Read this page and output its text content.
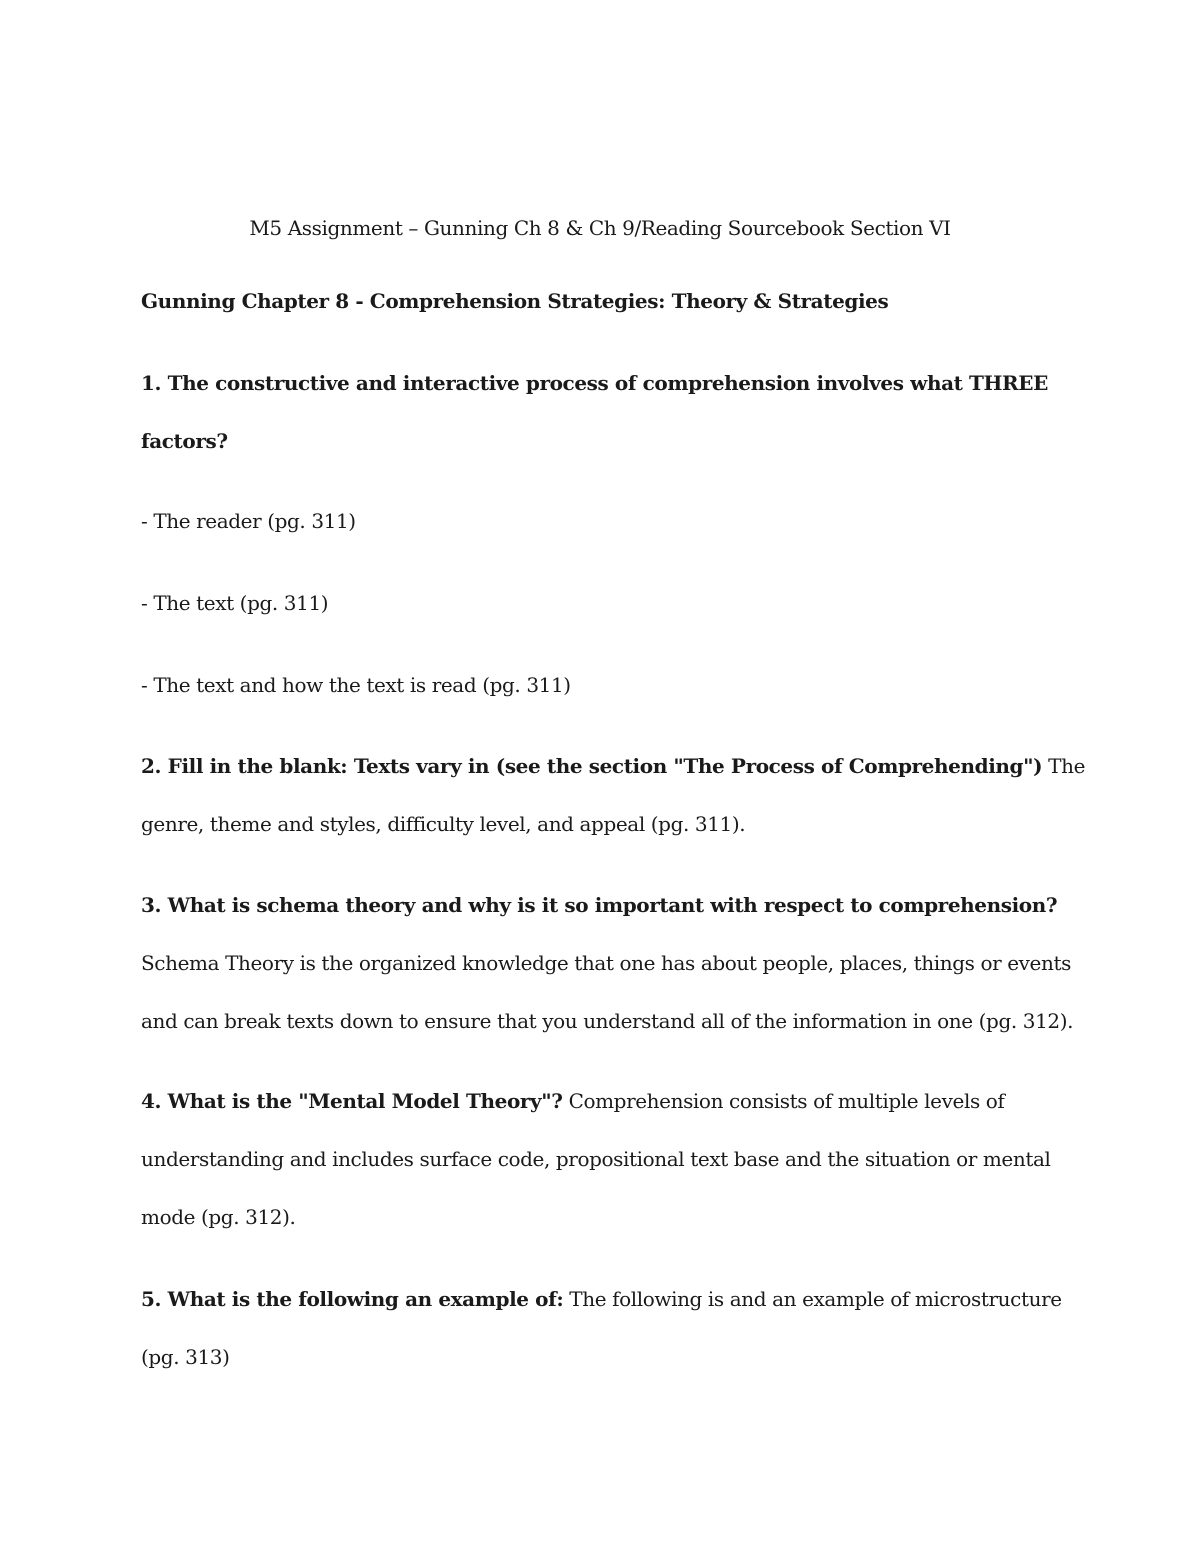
M5 Assignment – Gunning Ch 8 & Ch 9/Reading Sourcebook Section VI
Gunning Chapter 8 - Comprehension Strategies: Theory & Strategies
1. The constructive and interactive process of comprehension involves what THREE
factors?
- The reader (pg. 311)
- The text (pg. 311)
- The text and how the text is read (pg. 311)
2. Fill in the blank: Texts vary in (see the section "The Process of Comprehending") The
genre, theme and styles, difficulty level, and appeal (pg. 311).
3. What is schema theory and why is it so important with respect to comprehension?
Schema Theory is the organized knowledge that one has about people, places, things or events
and can break texts down to ensure that you understand all of the information in one (pg. 312).
4. What is the "Mental Model Theory"? Comprehension consists of multiple levels of
understanding and includes surface code, propositional text base and the situation or mental
mode (pg. 312).
5. What is the following an example of: The following is and an example of microstructure
(pg. 313)
